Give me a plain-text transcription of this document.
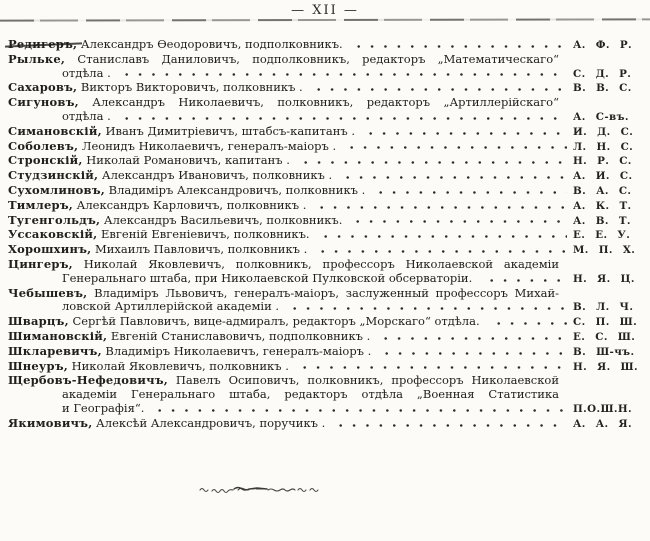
— XII —
Редигеръ, Александръ Ѳеодоровичъ, подполковникъ.	А. Ф. Р.
Рыльке, Станиславъ Даниловичъ, подполковникъ, редакторъ „Математическаго“
отдѣла .	С. Д. Р.
Сахаровъ, Викторъ Викторовичъ, полковникъ .	В. В. С.
Сигуновъ, Александръ Николаевичъ, полковникъ, редакторъ „Артиллерійскаго“
отдѣла .	А. С-въ.
Симановскій, Иванъ Димитріевичъ, штабсъ-капитанъ .	И. Д. С.
Соболевъ, Леонидъ Николаевичъ, генералъ-маіоръ .	Л. Н. С.
Стронскій, Николай Романовичъ, капитанъ .	Н. Р. С.
Студзинскій, Александръ Ивановичъ, полковникъ .	А. И. С.
Сухомлиновъ, Владиміръ Александровичъ, полковникъ .	В. А. С.
Тимлеръ, Александръ Карловичъ, полковникъ .	А. К. Т.
Тугенгольдъ, Александръ Васильевичъ, полковникъ.	А. В. Т.
Уссаковскій, Евгеній Евгеніевичъ, полковникъ.	Е. Е. У.
Хорошхинъ, Михаилъ Павловичъ, полковникъ .	М. П. Х.
Цингеръ, Николай Яковлевичъ, полковникъ, профессоръ Николаевской академіи
Генеральнаго штаба, при Николаевской Пулковской обсерваторіи.	Н. Я. Ц.
Чебышевъ, Владиміръ Львовичъ, генералъ-маіоръ, заслуженный профессоръ Михай-
ловской Артиллерійской академіи .	В. Л. Ч.
Шварцъ, Сергѣй Павловичъ, вице-адмиралъ, редакторъ „Морскаго“ отдѣла.	С. П. Ш.
Шимановскій, Евгеній Станиславовичъ, подполковникъ .	Е. С. Ш.
Шкларевичъ, Владиміръ Николаевичъ, генералъ-маіоръ .	В. Ш-чъ.
Шнеуръ, Николай Яковлевичъ, полковникъ .	Н. Я. Ш.
Щербовъ-Нефедовичъ, Павелъ Осиповичъ, полковникъ, профессоръ Николаевской
академіи Генеральнаго штаба, редакторъ отдѣла „Военная Статистика
и Географія“.	П.О.Ш.Н.
Якимовичъ, Алексѣй Александровичъ, поручикъ .	А. А. Я.
